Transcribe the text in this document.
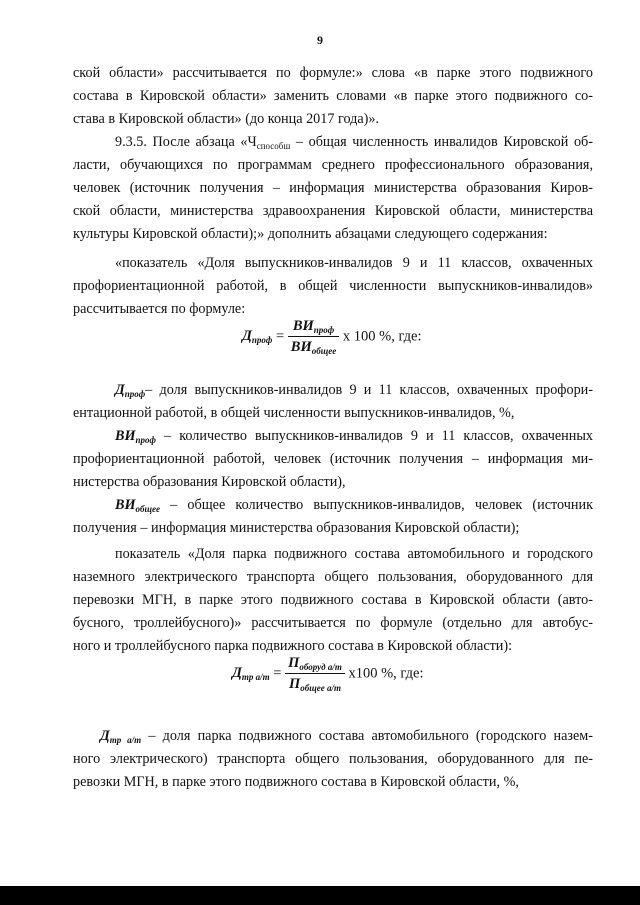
9
ской области» рассчитывается по формуле:» слова «в парке этого подвижного
состава в Кировской области» заменить словами «в парке этого подвижного со-
става в Кировской области» (до конца 2017 года)».
9.3.5. После абзаца «$Ч_{способш}$ – общая численность инвалидов Кировской об-
ласти, обучающихся по программам среднего профессионального образования,
человек (источник получения – информация министерства образования Киров-
ской области, министерства здравоохранения Кировской области, министерства
культуры Кировской области);» дополнить абзацами следующего содержания:
«показатель «Доля выпускников-инвалидов 9 и 11 классов, охваченных
профориентационной работой, в общей численности выпускников-инвалидов»
рассчитывается по формуле:
$Д_{проф} = \frac{ВИ_{проф}}{ВИ_{общее}}$ х 100 %, где:
$Д_{проф}-$ доля выпускников-инвалидов 9 и 11 классов, охваченных профори-
ентационной работой, в общей численности выпускников-инвалидов, %,
$ВИ_{проф}$ – количество выпускников-инвалидов 9 и 11 классов, охваченных
профориентационной работой, человек (источник получения – информация ми-
нистерства образования Кировской области),
$ВИ_{общее}$ – общее количество выпускников-инвалидов, человек (источник
получения – информация министерства образования Кировской области);
показатель «Доля парка подвижного состава автомобильного и городского
наземного электрического транспорта общего пользования, оборудованного для
перевозки МГН, в парке этого подвижного состава в Кировской области (авто-
бусного, троллейбусного)» рассчитывается по формуле (отдельно для автобус-
ного и троллейбусного парка подвижного состава в Кировской области):
$Д_{тр а/т} = \frac{П_{оборуд а/т}}{П_{общее а/т}} х100$ %, где:
$Д_{тр а/т}$ – доля парка подвижного состава автомобильного (городского назем-
ного электрического) транспорта общего пользования, оборудованного для пе-
ревозки МГН, в парке этого подвижного состава в Кировской области, %,
